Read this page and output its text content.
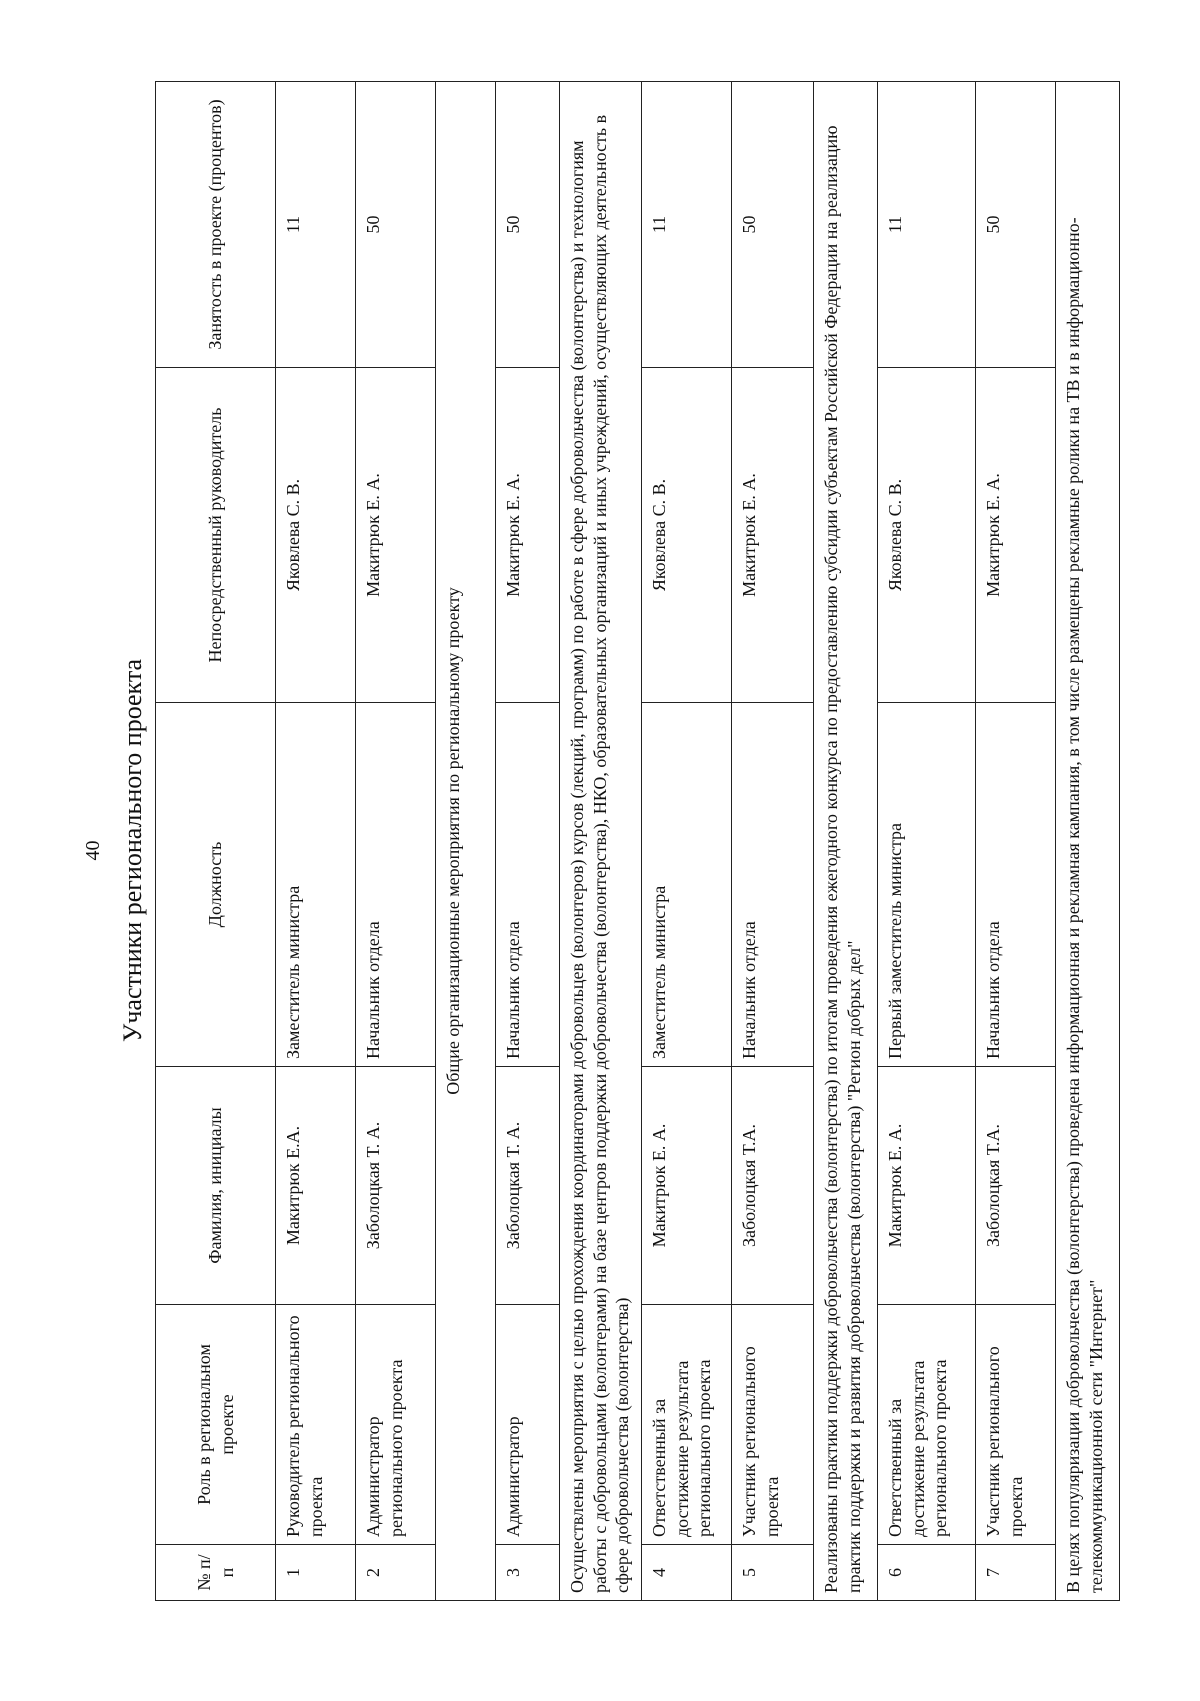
40 Участники регионального проекта
№ п/п	Роль в региональном проекте	Фамилия, инициалы	Должность	Непосредственный руководитель	Занятость в проекте (процентов)
1	Руководитель регионального проекта	Макитрюк Е.А.	Заместитель министра	Яковлева С. В.	11
2	Администратор регионального проекта	Заболоцкая Т. А.	Начальник отдела	Макитрюк Е. А.	50
Общие организационные мероприятия по региональному проекту					
3	Администратор	Заболоцкая Т. А.	Начальник отдела	Макитрюк Е. А.	50
Осуществлены мероприятия с целью прохождения координаторами добровольцев (волонтеров) курсов (лекций, программ) по работе в сфере добровольчества (волонтерства) и технологиям работы с добровольцами (волонтерами) на базе центров поддержки добровольчества (волонтерства), НКО, образовательных организаций и иных учреждений, осуществляющих деятельность в сфере добровольчества (волонтерства)					
4	Ответственный за достижение результата регионального проекта	Макитрюк Е. А.	Заместитель министра	Яковлева С. В.	11
5	Участник регионального проекта	Заболоцкая Т.А.	Начальник отдела	Макитрюк Е. А.	50
Реализованы практики поддержки добровольчества (волонтерства) по итогам проведения ежегодного конкурса по предоставлению субсидии субъектам Российской Федерации на реализацию практик поддержки и развития добровольчества (волонтерства) "Регион добрых дел"					
6	Ответственный за достижение результата регионального проекта	Макитрюк Е. А.	Первый заместитель министра	Яковлева С. В.	11
7	Участник регионального проекта	Заболоцкая Т.А.	Начальник отдела	Макитрюк Е. А.	50
В целях популяризации добровольчества (волонтерства) проведена информационная и рекламная кампания, в том числе размещены рекламные ролики на ТВ и в информационно-телекоммуникационной сети "Интернет"					
